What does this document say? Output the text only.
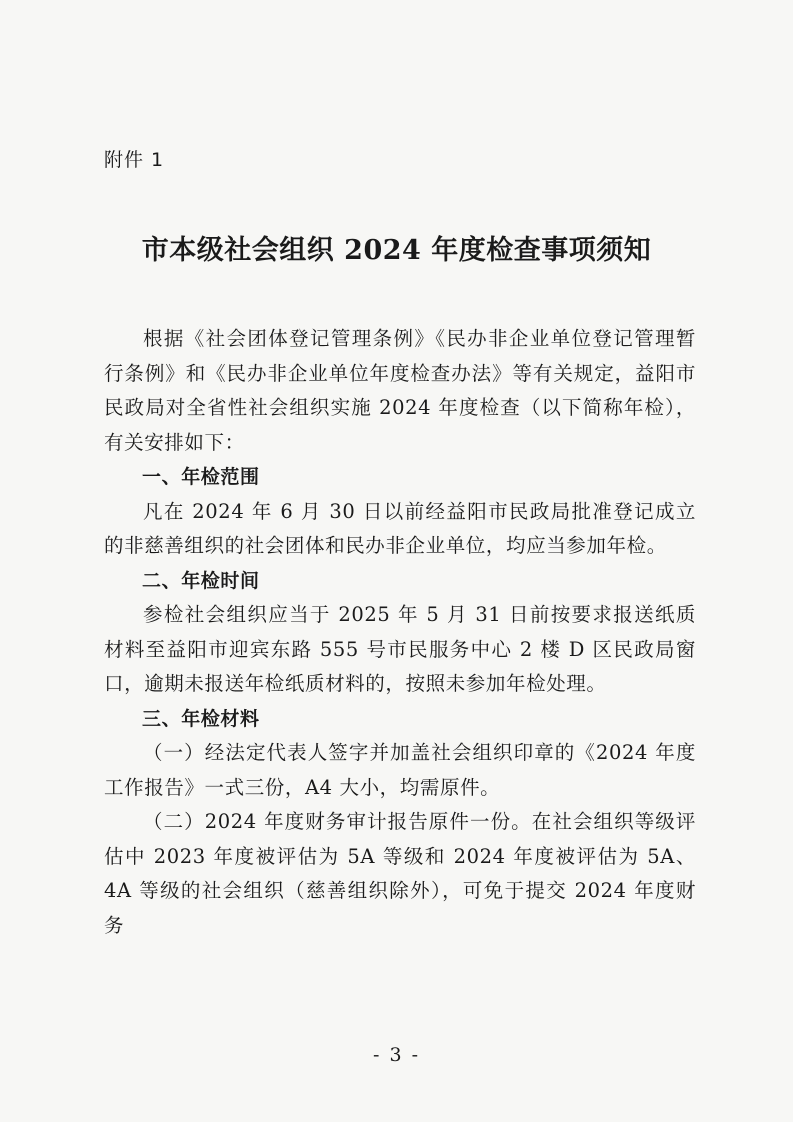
附件 1
市本级社会组织 2024 年度检查事项须知

根据《社会团体登记管理条例》《民办非企业单位登记管理暂行条例》和《民办非企业单位年度检查办法》等有关规定，益阳市民政局对全省性社会组织实施 2024 年度检查（以下简称年检），有关安排如下：

一、年检范围

凡在 2024 年 6 月 30 日以前经益阳市民政局批准登记成立的非慈善组织的社会团体和民办非企业单位，均应当参加年检。

二、年检时间

参检社会组织应当于 2025 年 5 月 31 日前按要求报送纸质材料至益阳市迎宾东路 555 号市民服务中心 2 楼 D 区民政局窗口，逾期未报送年检纸质材料的，按照未参加年检处理。

三、年检材料

（一）经法定代表人签字并加盖社会组织印章的《2024 年度工作报告》一式三份，A4 大小，均需原件。

（二）2024 年度财务审计报告原件一份。在社会组织等级评估中 2023 年度被评估为 5A 等级和 2024 年度被评估为 5A、4A 等级的社会组织（慈善组织除外），可免于提交 2024 年度财务

- 3 -
